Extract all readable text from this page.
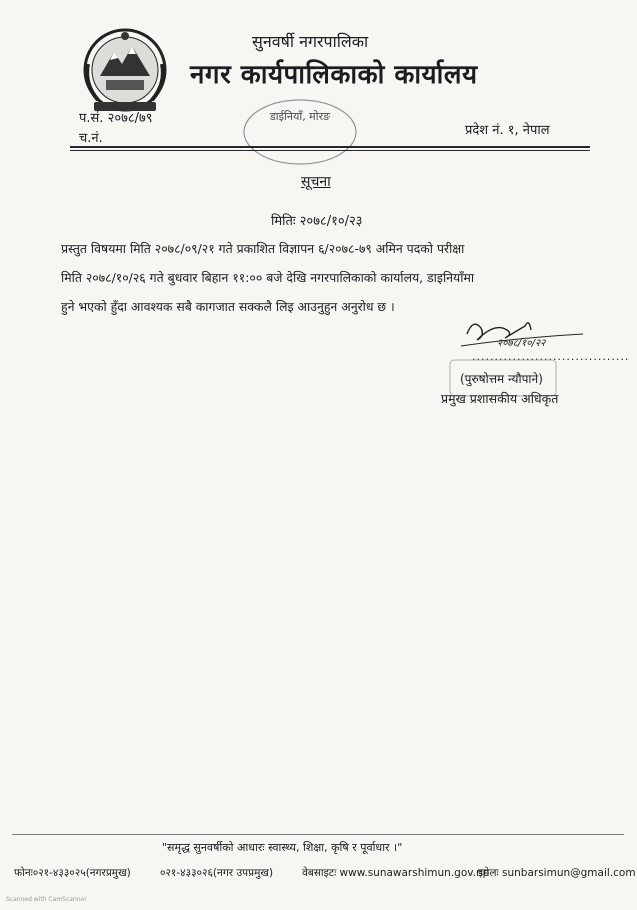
सुनवर्षी नगरपालिका
नगर कार्यपालिकाको कार्यालय
डाईनियाँ, मोरङ
प.सं. २०७८/७९
च.नं.
प्रदेश नं. १, नेपाल
सूचना
मितिः २०७८/१०/२३
प्रस्तुत विषयमा मिति २०७८/०९/२१ गते प्रकाशित विज्ञापन ६/२०७८-७९ अमिन पदको परीक्षा
मिति २०७८/१०/२६ गते बुधवार बिहान ११:०० बजे देखि नगरपालिकाको कार्यालय, डाइनियाँमा
हुने भएको हुँदा आवश्यक सबै कागजात सक्कलै लिइ आउनुहुन अनुरोध छ ।
२०७८/१०/२२
...................................
(पुरुषोत्तम न्यौपाने)
प्रमुख प्रशासकीय अधिकृत
"समृद्ध सुनवर्षीको आधारः स्वास्थ्य, शिक्षा, कृषि र पूर्वाधार ।"
फोनः०२१-४३३०२५(नगरप्रमुख)	०२१-४३३०२६(नगर उपप्रमुख)	वेबसाइटः www.sunawarshimun.gov.np
इमेलः sunbarsimun@gmail.com
Scanned with CamScanner
